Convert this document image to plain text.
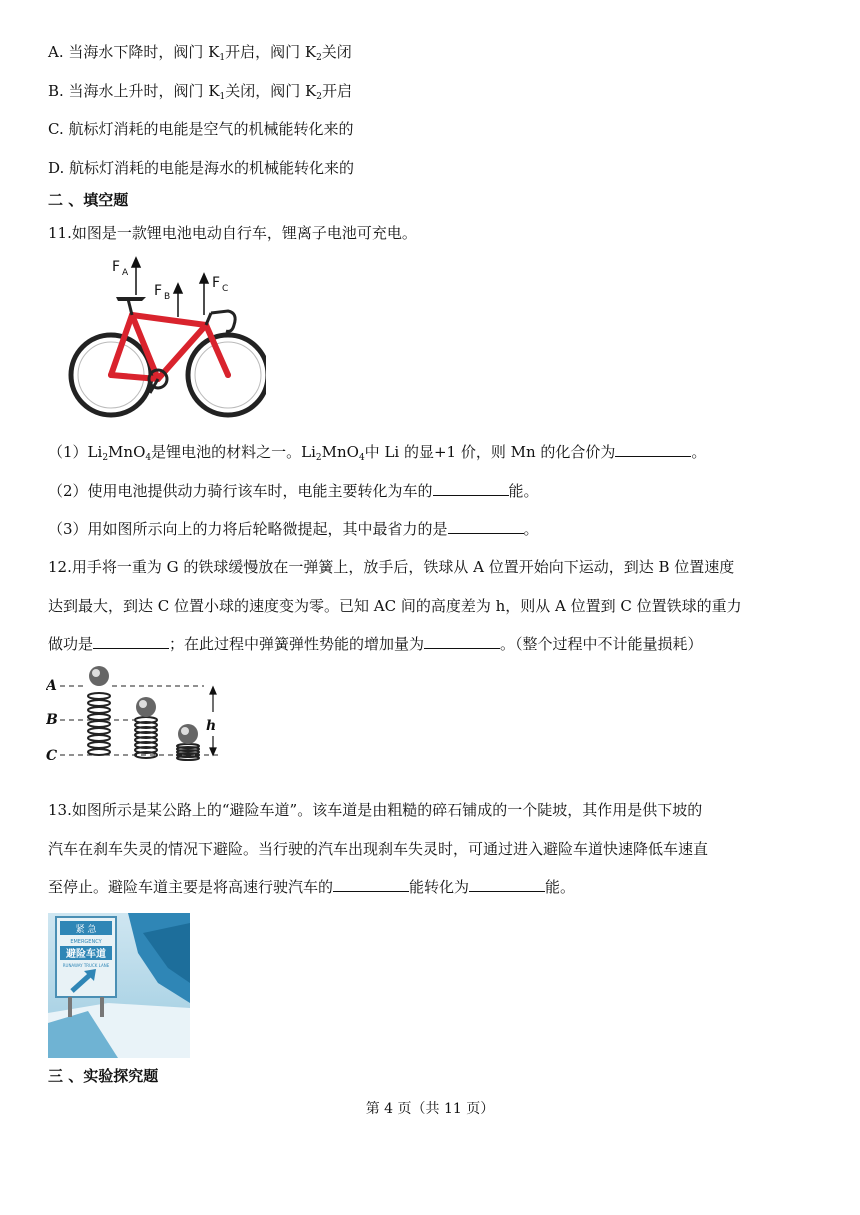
A. 当海水下降时，阀门 $K_1$开启，阀门 $K_2$关闭
B. 当海水上升时，阀门 $K_1$关闭，阀门 $K_2$开启
C. 航标灯消耗的电能是空气的机械能转化来的
D. 航标灯消耗的电能是海水的机械能转化来的
二 、填空题
11.如图是一款锂电池电动自行车，锂离子电池可充电。
F A
F B
F C
$(1)Li_2MnO_4$是锂电池的材料之一。$Li_2MnO_4$中 Li 的显+1 价，则 Mn 的化合价为	。
（2）使用电池提供动力骑行该车时，电能主要转化为车的	能。
（3）用如图所示向上的力将后轮略微提起，其中最省力的是	。
12.用手将一重为 G 的铁球缓慢放在一弹簧上，放手后，铁球从 A 位置开始向下运动，到达 B 位置速度
达到最大，到达 C 位置小球的速度变为零。已知 AC 间的高度差为 h，则从 A 位置到 C 位置铁球的重力
做功是	；在此过程中弹簧弹性势能的增加量为	。（整个过程中不计能量损耗）
A
B
C
h
13.如图所示是某公路上的“避险车道”。该车道是由粗糙的碎石铺成的一个陡坡，其作用是供下坡的
汽车在刹车失灵的情况下避险。当行驶的汽车出现刹车失灵时，可通过进入避险车道快速降低车速直
至停止。避险车道主要是将高速行驶汽车的	能转化为	能。
紧 急
EMERGENCY
避险车道
RUNAWAY TRUCK LANE
三 、实验探究题
第 4 页（共 11 页）
